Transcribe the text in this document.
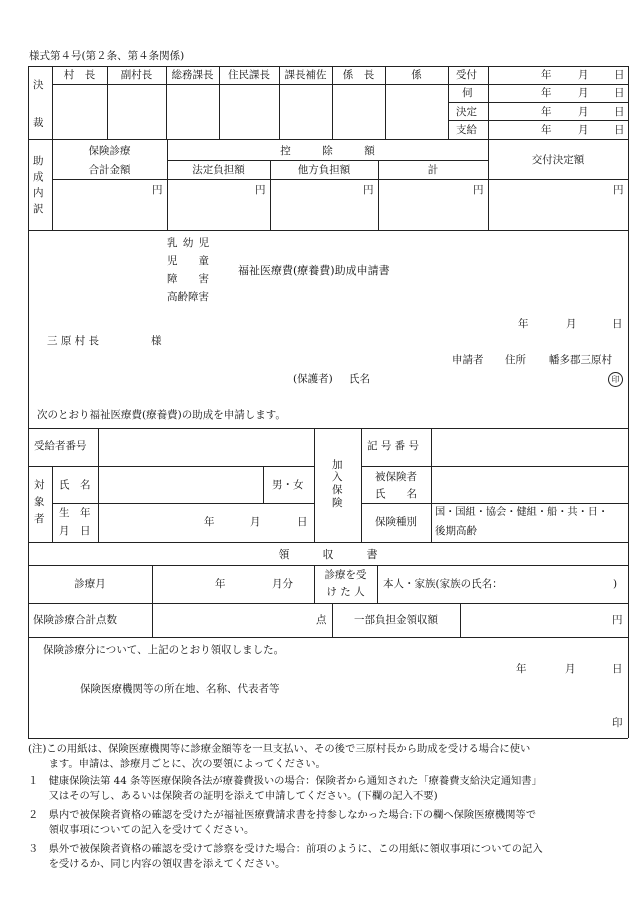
様式第４号(第２条、第４条関係)
決
裁
村　長	副村長	総務課長	住民課長	課長補佐	係　長	係	受付	年	月 日
伺	年	月 日
決定	年	月 日
支給	年	月 日
助
成
内
訳
保険診療
合計金額
控　　　除　　　額
法定負担額	他方負担額	計
交付決定額
円	円	円	円	円
乳 幼 児
児　　童
障　　害
高齢障害
福祉医療費(療養費)助成申請書
年	月	日
三 原 村 長	様
申請者 住所 幡多郡三原村
(保護者) 氏名	印
次のとおり福祉医療費(療養費)の助成を申請します。
受給者番号
対
象
者
氏　名	男・女
生　年
月　日
年	月	日
加
入
保
険
記 号 番 号
被保険者
氏　　名
保険種別
国・国組・協会・健組・船・共・日・
後期高齢
領　　　収　　　書
診療月	年	月分
診療を受
け た 人
本人・家族(家族の氏名：	)
保険診療合計点数	点	一部負担金領収額	円
保険診療分について、上記のとおり領収しました。
年	月	日
保険医療機関等の所在地、名称、代表者等
印
(注)この用紙は、保険医療機関等に診療金額等を一旦支払い、その後で三原村長から助成を受ける場合に使い
　　ます。申請は、診療月ごとに、次の要領によってください。
１　健康保険法第 44 条等医療保険各法が療養費扱いの場合：保険者から通知された「療養費支給決定通知書」
　　又はその写し、あるいは保険者の証明を添えて申請してください。(下欄の記入不要)
２　県内で被保険者資格の確認を受けたが福祉医療費請求書を持参しなかった場合:下の欄へ保険医療機関等で
　　領収事項についての記入を受けてください。
３　県外で被保険者資格の確認を受けて診察を受けた場合：前項のように、この用紙に領収事項についての記入
　　を受けるか、同じ内容の領収書を添えてください。
